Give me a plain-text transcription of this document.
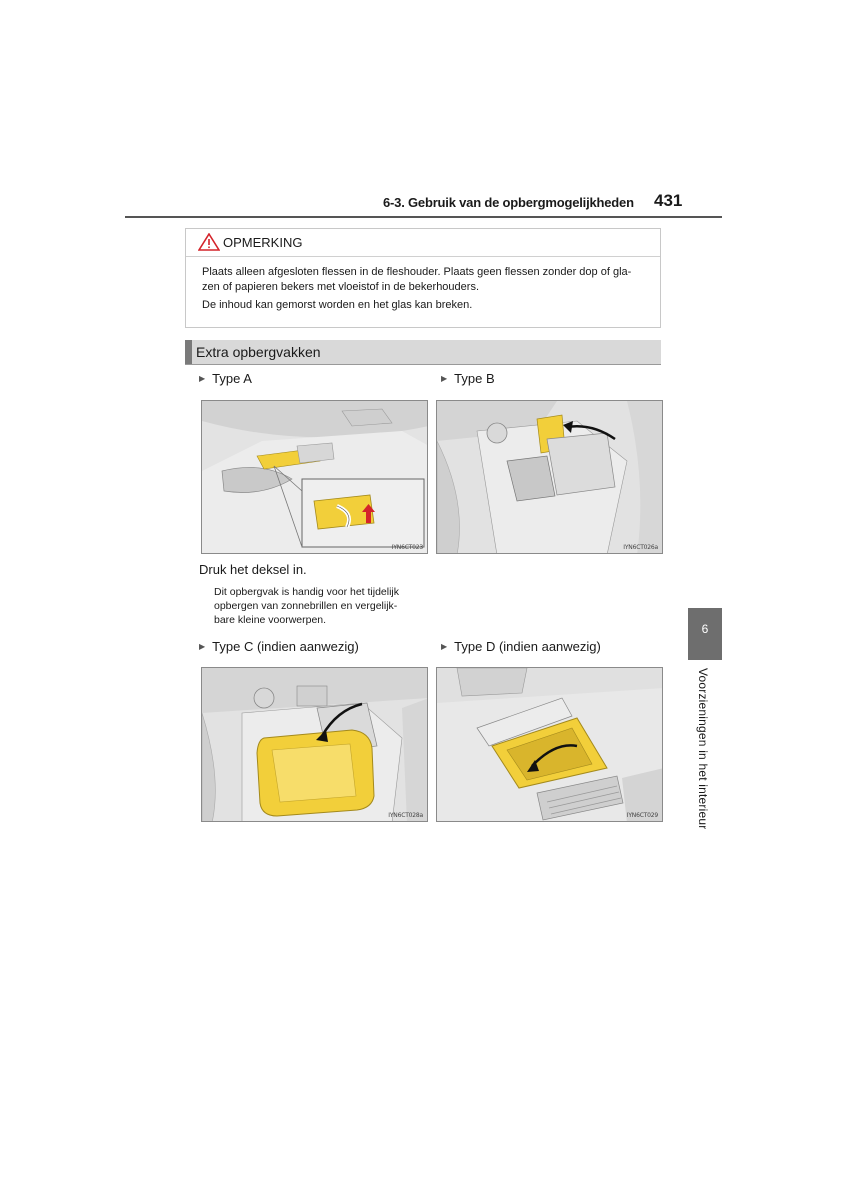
6-3. Gebruik van de opbergmogelijkheden 431
OPMERKING

Plaats alleen afgesloten flessen in de fleshouder. Plaats geen flessen zonder dop of gla-
zen of papieren bekers met vloeistof in de bekerhouders.

De inhoud kan gemorst worden en het glas kan breken.

Extra opbergvakken
▶ Type A	▶ Type B
IYN6CT023	IYN6CT026a
Druk het deksel in.
Dit opbergvak is handig voor het tijdelijk
opbergen van zonnebrillen en vergelijk-
bare kleine voorwerpen.
▶ Type C (indien aanwezig)	▶ Type D (indien aanwezig)
IYN6CT028a	IYN6CT029
6
Voorzieningen in het interieur
